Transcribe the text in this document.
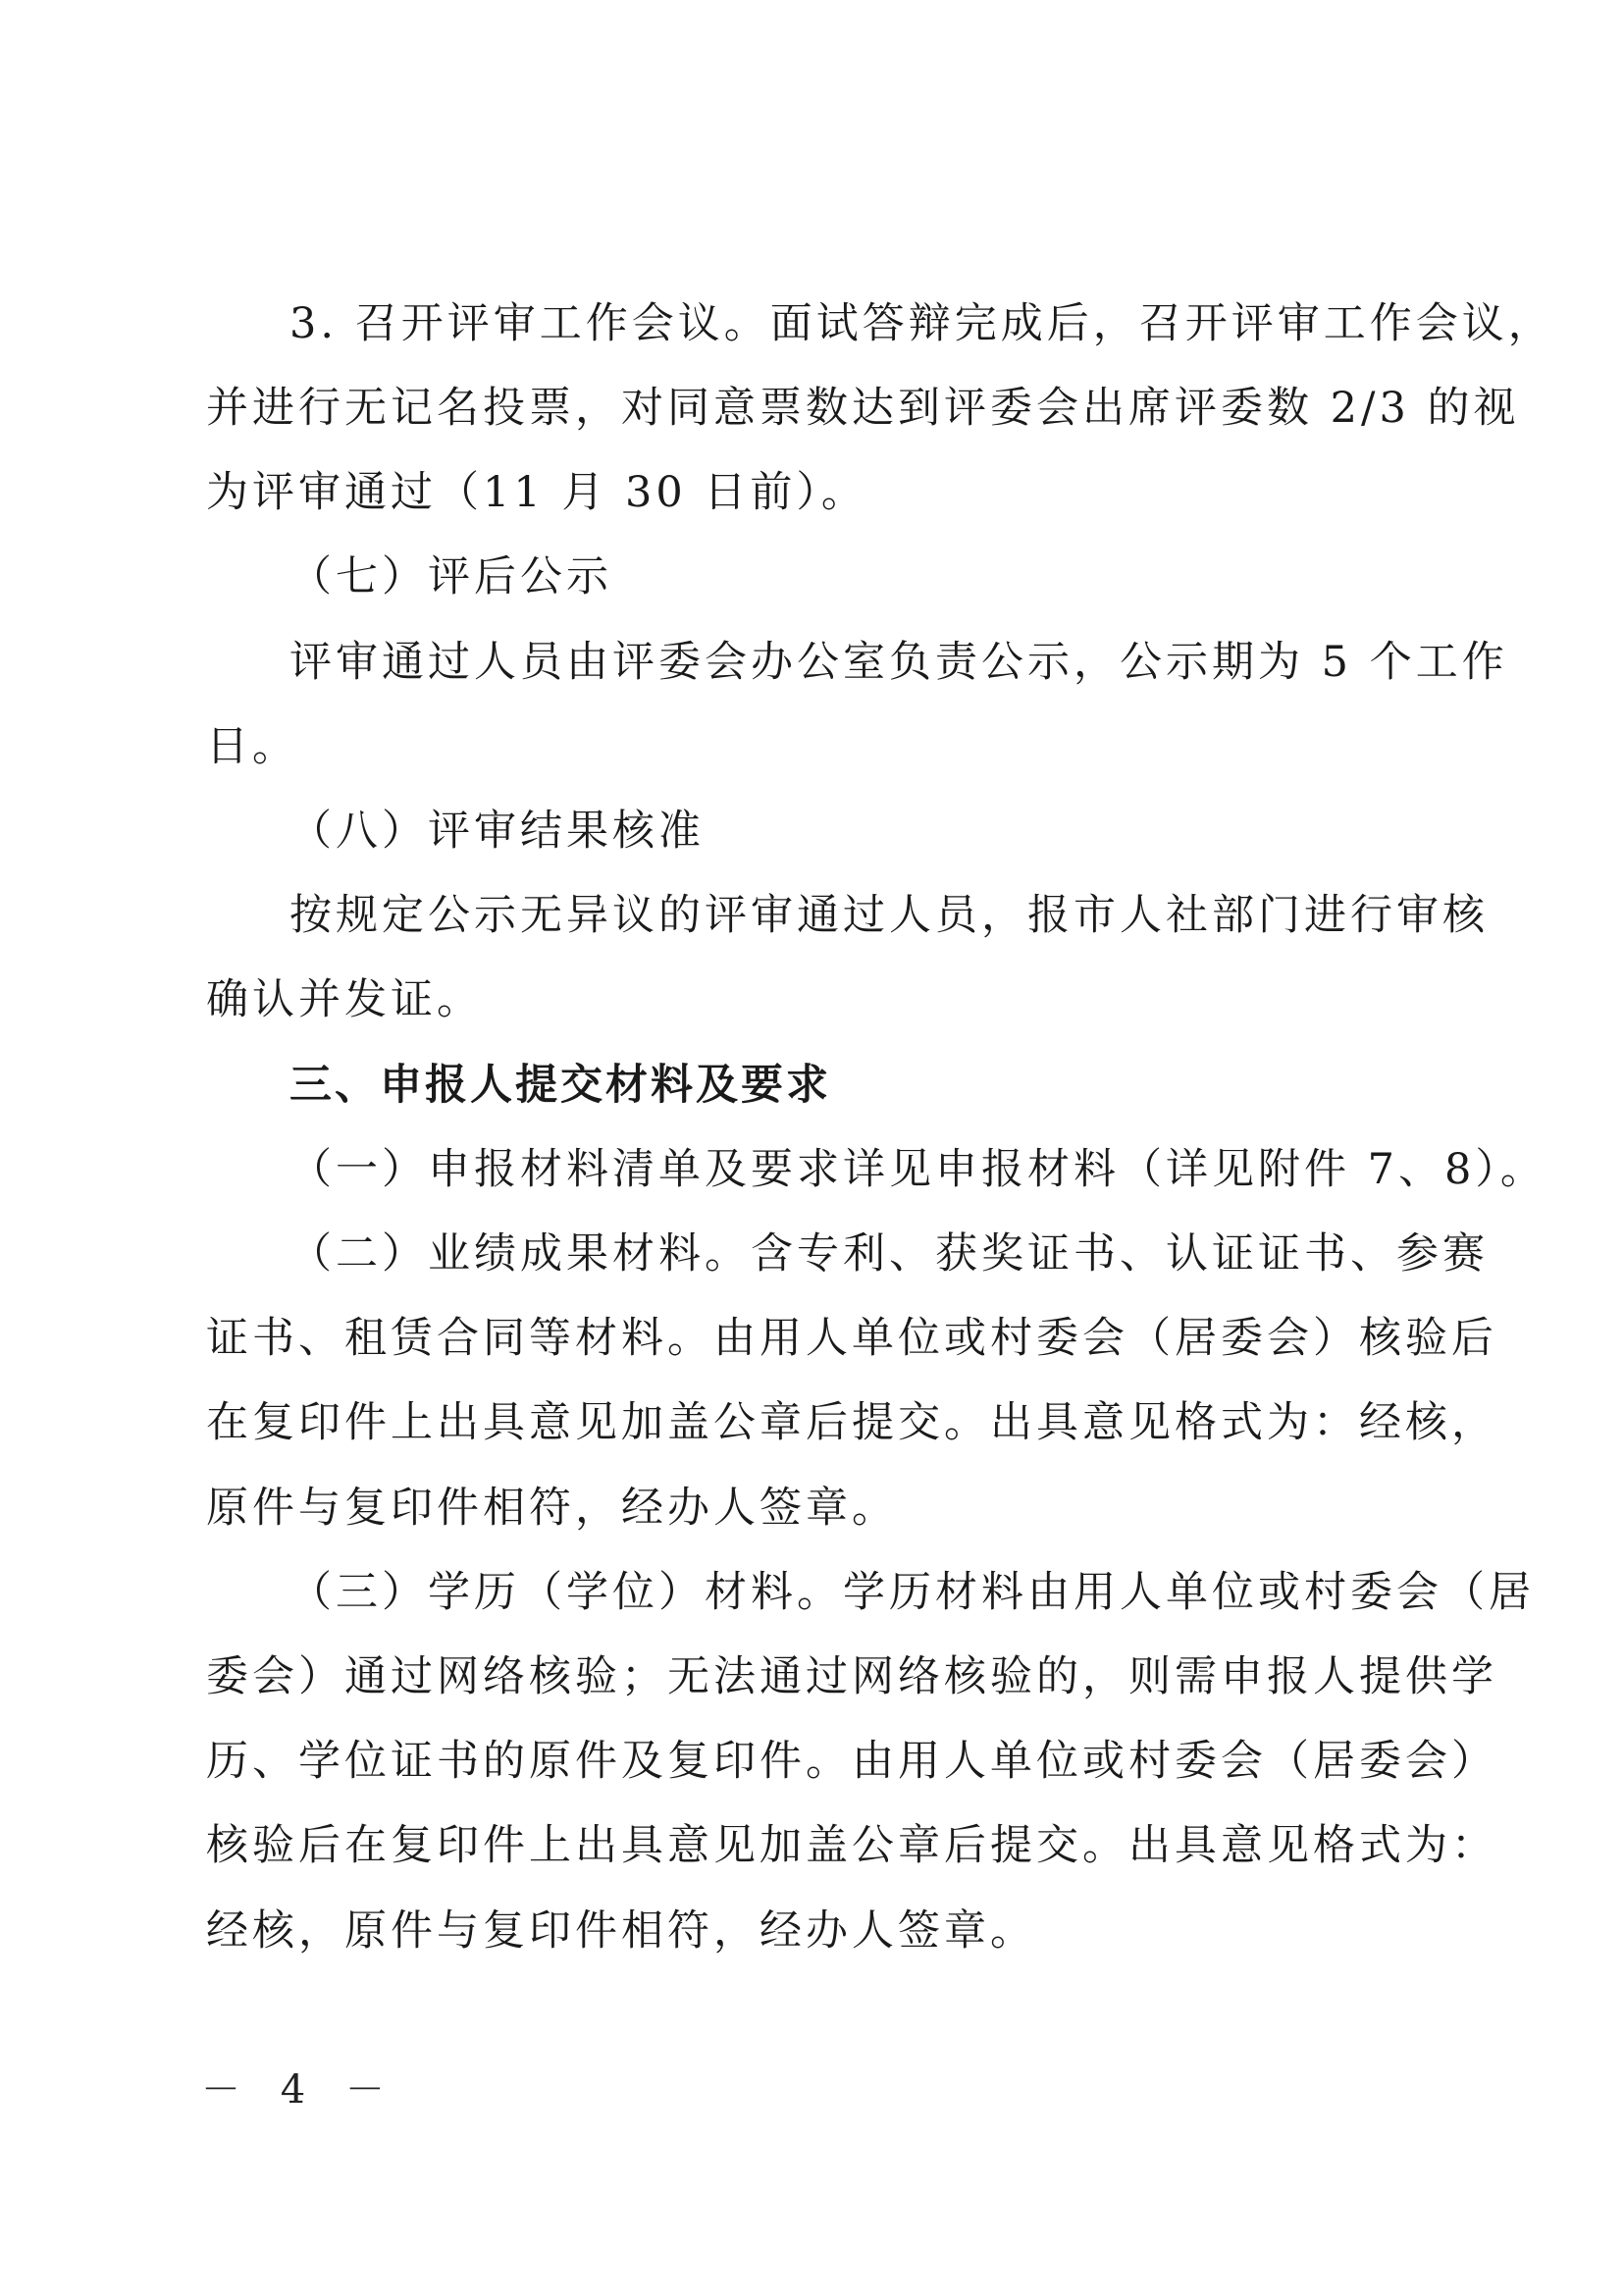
3. 召开评审工作会议。面试答辩完成后，召开评审工作会议，
并进行无记名投票，对同意票数达到评委会出席评委数 2/3 的视
为评审通过（11 月 30 日前）。
（七）评后公示
评审通过人员由评委会办公室负责公示，公示期为 5 个工作
日。
（八）评审结果核准
按规定公示无异议的评审通过人员，报市人社部门进行审核
确认并发证。
三、申报人提交材料及要求
（一）申报材料清单及要求详见申报材料（详见附件 7、8）。
（二）业绩成果材料。含专利、获奖证书、认证证书、参赛
证书、租赁合同等材料。由用人单位或村委会（居委会）核验后
在复印件上出具意见加盖公章后提交。出具意见格式为：经核，
原件与复印件相符，经办人签章。
（三）学历（学位）材料。学历材料由用人单位或村委会（居
委会）通过网络核验；无法通过网络核验的，则需申报人提供学
历、学位证书的原件及复印件。由用人单位或村委会（居委会）
核验后在复印件上出具意见加盖公章后提交。出具意见格式为：
经核，原件与复印件相符，经办人签章。
－ 4 －
